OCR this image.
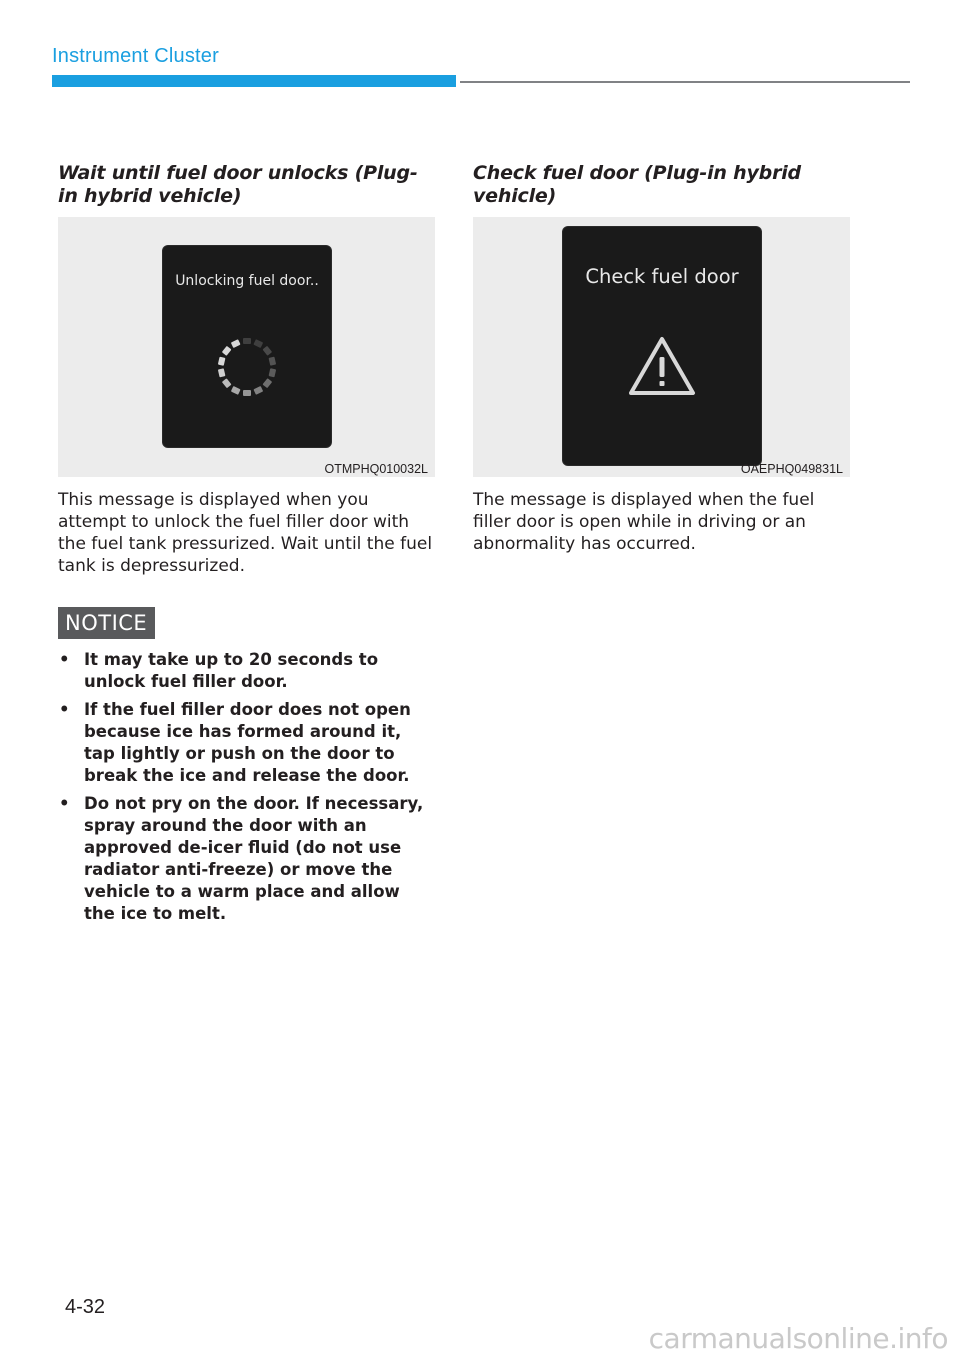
Instrument Cluster
Wait until fuel door unlocks (Plug-in hybrid vehicle)
Unlocking fuel door..
OTMPHQ010032L

This message is displayed when you attempt to unlock the fuel filler door with the fuel tank pressurized. Wait until the fuel tank is depressurized.

NOTICE
• It may take up to 20 seconds to unlock fuel filler door.
• If the fuel filler door does not open because ice has formed around it, tap lightly or push on the door to break the ice and release the door.
• Do not pry on the door. If necessary, spray around the door with an approved de-icer fluid (do not use radiator anti-freeze) or move the vehicle to a warm place and allow the ice to melt.
Check fuel door (Plug-in hybrid vehicle)
Check fuel door
OAEPHQ049831L

The message is displayed when the fuel filler door is open while in driving or an abnormality has occurred.

4-32
carmanualsonline.info
